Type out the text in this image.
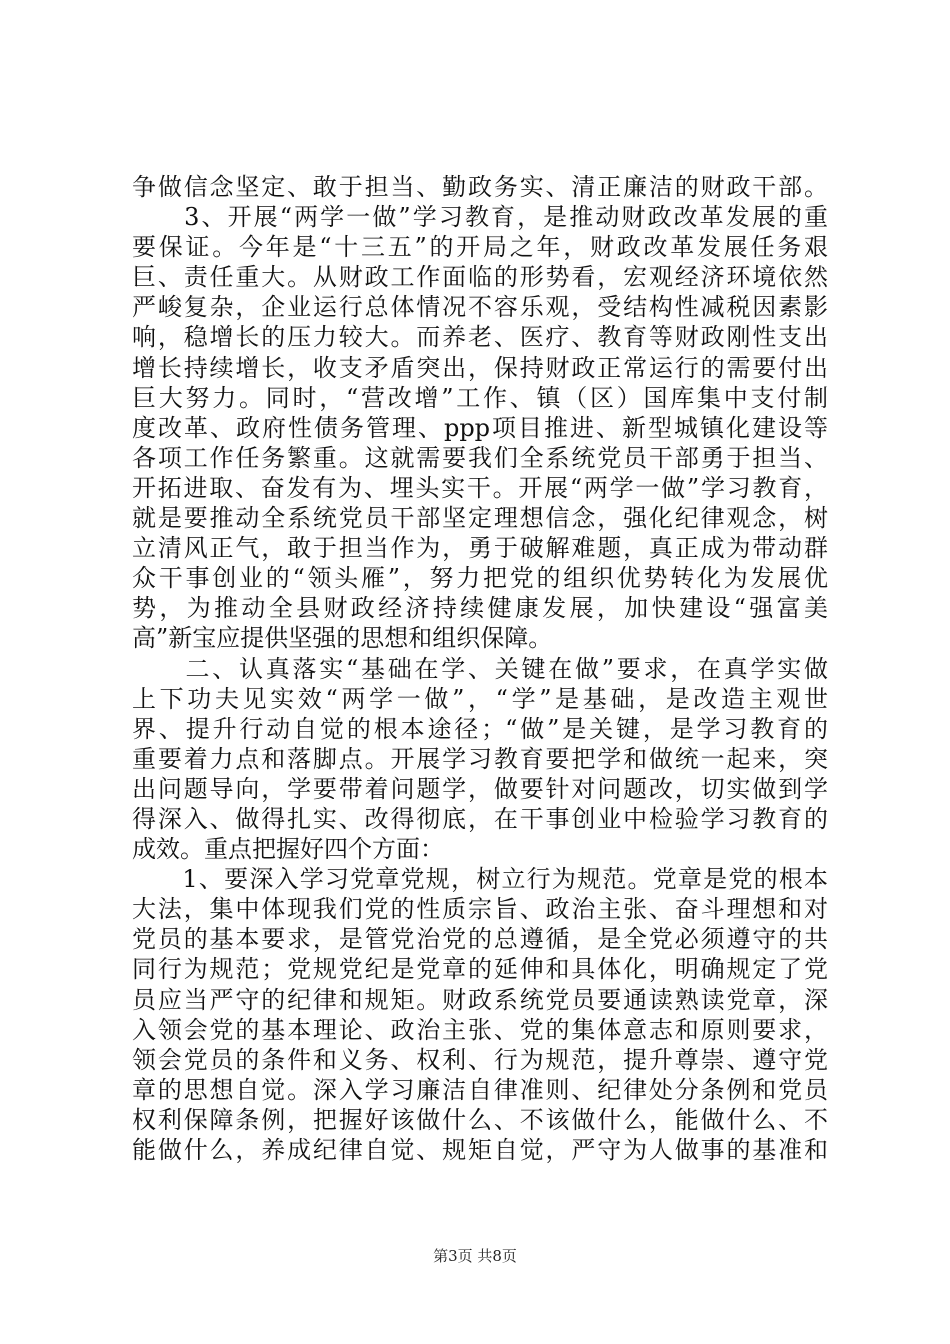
争做信念坚定、敢于担当、勤政务实、清正廉洁的财政干部。
　　3、开展“两学一做”学习教育，是推动财政改革发展的重
要保证。今年是“十三五”的开局之年，财政改革发展任务艰
巨、责任重大。从财政工作面临的形势看，宏观经济环境依然
严峻复杂，企业运行总体情况不容乐观，受结构性减税因素影
响，稳增长的压力较大。而养老、医疗、教育等财政刚性支出
增长持续增长，收支矛盾突出，保持财政正常运行的需要付出
巨大努力。同时，“营改增”工作、镇（区）国库集中支付制
度改革、政府性债务管理、ppp项目推进、新型城镇化建设等
各项工作任务繁重。这就需要我们全系统党员干部勇于担当、
开拓进取、奋发有为、埋头实干。开展“两学一做”学习教育，
就是要推动全系统党员干部坚定理想信念，强化纪律观念，树
立清风正气，敢于担当作为，勇于破解难题，真正成为带动群
众干事创业的“领头雁”，努力把党的组织优势转化为发展优
势，为推动全县财政经济持续健康发展，加快建设“强富美
高”新宝应提供坚强的思想和组织保障。
　　二、认真落实“基础在学、关键在做”要求，在真学实做
上下功夫见实效“两学一做”，“学”是基础，是改造主观世
界、提升行动自觉的根本途径；“做”是关键，是学习教育的
重要着力点和落脚点。开展学习教育要把学和做统一起来，突
出问题导向，学要带着问题学，做要针对问题改，切实做到学
得深入、做得扎实、改得彻底，在干事创业中检验学习教育的
成效。重点把握好四个方面：
　　1、要深入学习党章党规，树立行为规范。党章是党的根本
大法，集中体现我们党的性质宗旨、政治主张、奋斗理想和对
党员的基本要求，是管党治党的总遵循，是全党必须遵守的共
同行为规范；党规党纪是党章的延伸和具体化，明确规定了党
员应当严守的纪律和规矩。财政系统党员要通读熟读党章，深
入领会党的基本理论、政治主张、党的集体意志和原则要求，
领会党员的条件和义务、权利、行为规范，提升尊崇、遵守党
章的思想自觉。深入学习廉洁自律准则、纪律处分条例和党员
权利保障条例，把握好该做什么、不该做什么，能做什么、不
能做什么，养成纪律自觉、规矩自觉，严守为人做事的基准和
第3页 共8页
